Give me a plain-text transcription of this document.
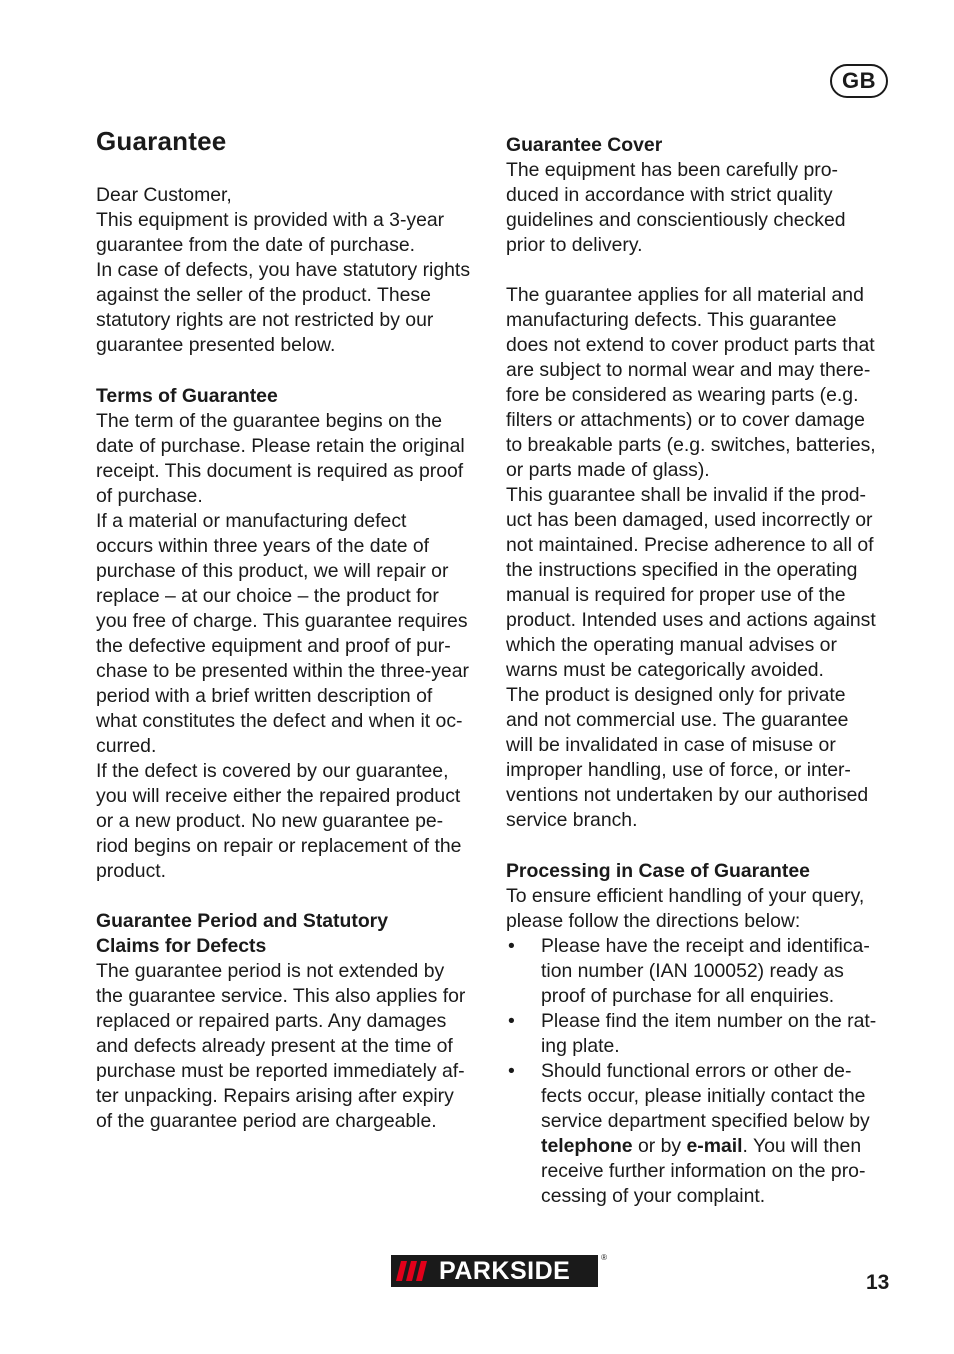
GB
Guarantee

Dear Customer,

This equipment is provided with a 3-year

guarantee from the date of purchase.

In case of defects, you have statutory rights

against the seller of the product. These

statutory rights are not restricted by our

guarantee presented below.

Terms of Guarantee

The term of the guarantee begins on the

date of purchase. Please retain the original

receipt. This document is required as proof

of purchase.

If a material or manufacturing defect

occurs within three years of the date of

purchase of this product, we will repair or

replace – at our choice – the product for

you free of charge. This guarantee requires

the defective equipment and proof of pur-

chase to be presented within the three-year

period with a brief written description of

what constitutes the defect and when it oc-

curred.

If the defect is covered by our guarantee,

you will receive either the repaired product

or a new product. No new guarantee pe-

riod begins on repair or replacement of the

product.

Guarantee Period and Statutory

Claims for Defects

The guarantee period is not extended by

the guarantee service. This also applies for

replaced or repaired parts. Any damages

and defects already present at the time of

purchase must be reported immediately af-

ter unpacking. Repairs arising after expiry

of the guarantee period are chargeable.

Guarantee Cover

The equipment has been carefully pro-

duced in accordance with strict quality

guidelines and conscientiously checked

prior to delivery.

The guarantee applies for all material and

manufacturing defects. This guarantee

does not extend to cover product parts that

are subject to normal wear and may there-

fore be considered as wearing parts (e.g.

filters or attachments) or to cover damage

to breakable parts (e.g. switches, batteries,

or parts made of glass).

This guarantee shall be invalid if the prod-

uct has been damaged, used incorrectly or

not maintained. Precise adherence to all of

the instructions specified in the operating

manual is required for proper use of the

product. Intended uses and actions against

which the operating manual advises or

warns must be categorically avoided.

The product is designed only for private

and not commercial use. The guarantee

will be invalidated in case of misuse or

improper handling, use of force, or inter-

ventions not undertaken by our authorised

service branch.

Processing in Case of Guarantee

To ensure efficient handling of your query,

please follow the directions below:

• Please have the receipt and identifica-

tion number (IAN 100052) ready as

proof of purchase for all enquiries.

• Please find the item number on the rat-

ing plate.

• Should functional errors or other de-

fects occur, please initially contact the

service department specified below by

telephone or by e-mail. You will then

receive further information on the pro-

cessing of your complaint.

PARKSIDE	®
13
